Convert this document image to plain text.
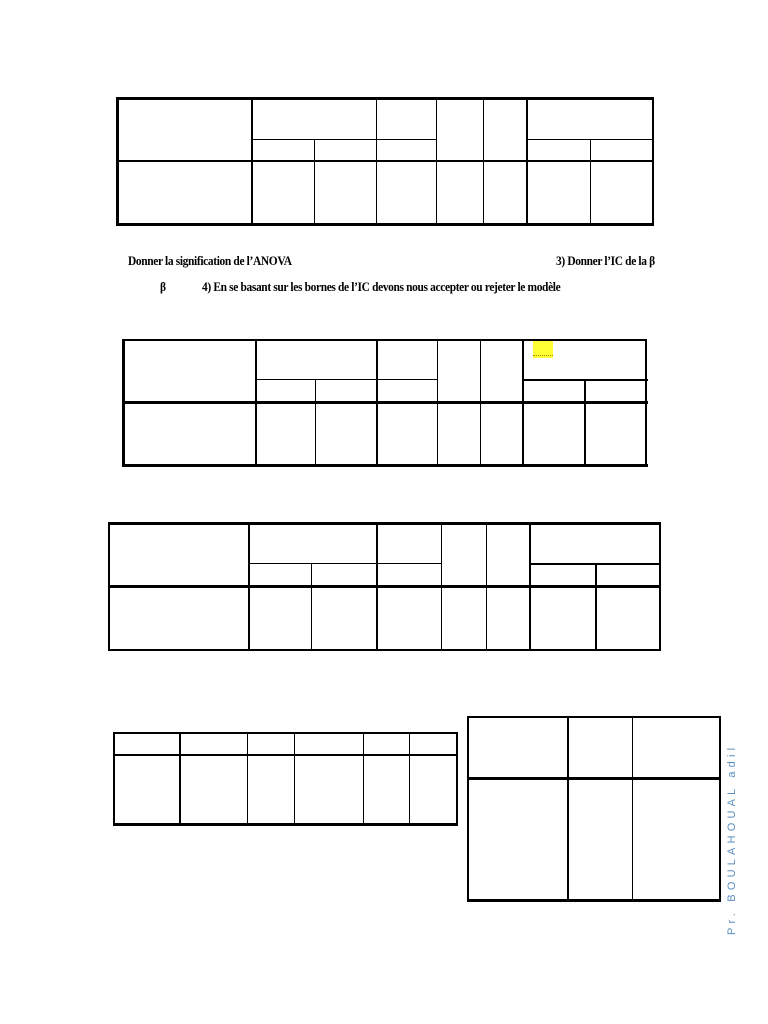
Donner la signification de l’ANOVA	3) Donner l’IC de la β
β	4) En se basant sur les bornes de l’IC devons nous accepter ou rejeter le modèle
Pr. BOULAHOUAL adil
